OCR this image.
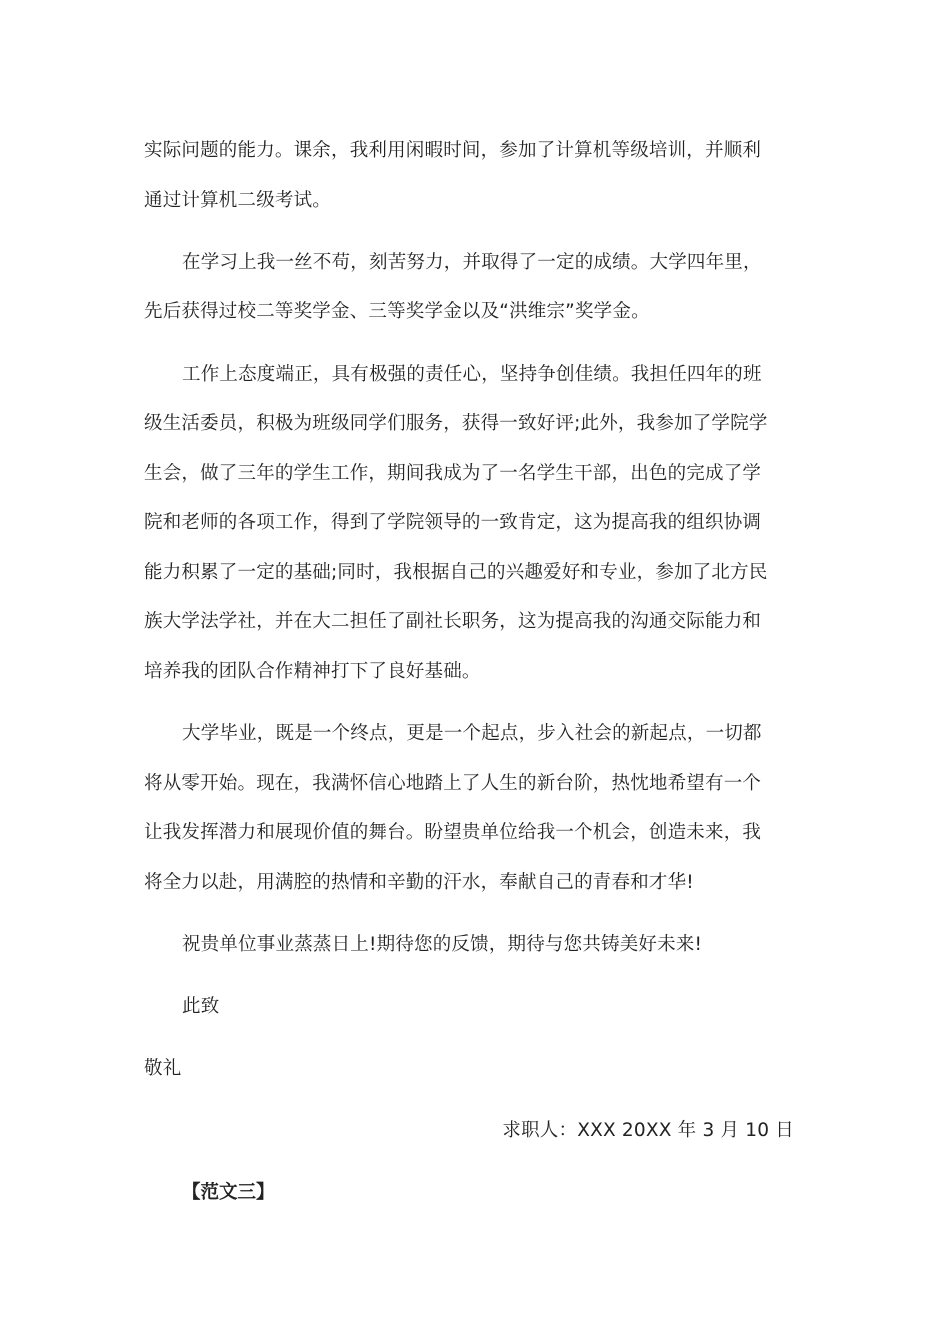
实际问题的能力。课余，我利用闲暇时间，参加了计算机等级培训，并顺利
通过计算机二级考试。
在学习上我一丝不苟，刻苦努力，并取得了一定的成绩。大学四年里，
先后获得过校二等奖学金、三等奖学金以及“洪维宗”奖学金。
工作上态度端正，具有极强的责任心，坚持争创佳绩。我担任四年的班
级生活委员，积极为班级同学们服务，获得一致好评;此外，我参加了学院学
生会，做了三年的学生工作，期间我成为了一名学生干部，出色的完成了学
院和老师的各项工作，得到了学院领导的一致肯定，这为提高我的组织协调
能力积累了一定的基础;同时，我根据自己的兴趣爱好和专业，参加了北方民
族大学法学社，并在大二担任了副社长职务，这为提高我的沟通交际能力和
培养我的团队合作精神打下了良好基础。
大学毕业，既是一个终点，更是一个起点，步入社会的新起点，一切都
将从零开始。现在，我满怀信心地踏上了人生的新台阶，热忱地希望有一个
让我发挥潜力和展现价值的舞台。盼望贵单位给我一个机会，创造未来，我
将全力以赴，用满腔的热情和辛勤的汗水，奉献自己的青春和才华!
祝贵单位事业蒸蒸日上!期待您的反馈，期待与您共铸美好未来!
此致
敬礼
求职人：XXX 20XX 年 3 月 10 日
【范文三】
